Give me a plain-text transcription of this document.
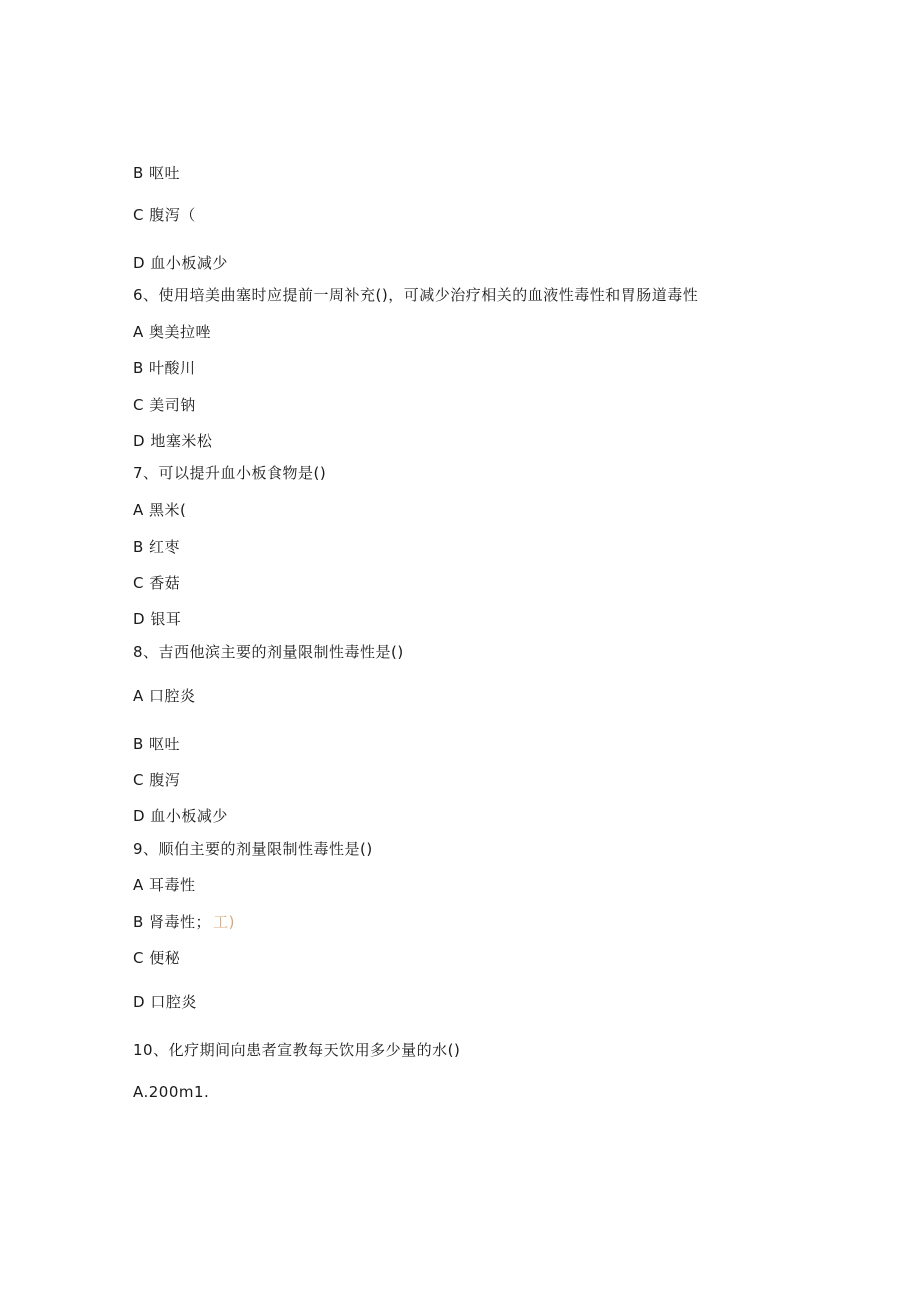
B 呕吐
C 腹泻（
D 血小板减少
6、使用培美曲塞时应提前一周补充()，可减少治疗相关的血液性毒性和胃肠道毒性
A 奥美拉唑
B 叶酸川
C 美司钠
D 地塞米松
7、可以提升血小板食物是()
A 黑米(
B 红枣
C 香菇
D 银耳
8、吉西他滨主要的剂量限制性毒性是()
A 口腔炎
B 呕吐
C 腹泻
D 血小板减少
9、顺伯主要的剂量限制性毒性是()
A 耳毒性
B 肾毒性； 工)
C 便秘
D 口腔炎
10、化疗期间向患者宣教每天饮用多少量的水()
A.200m1.
